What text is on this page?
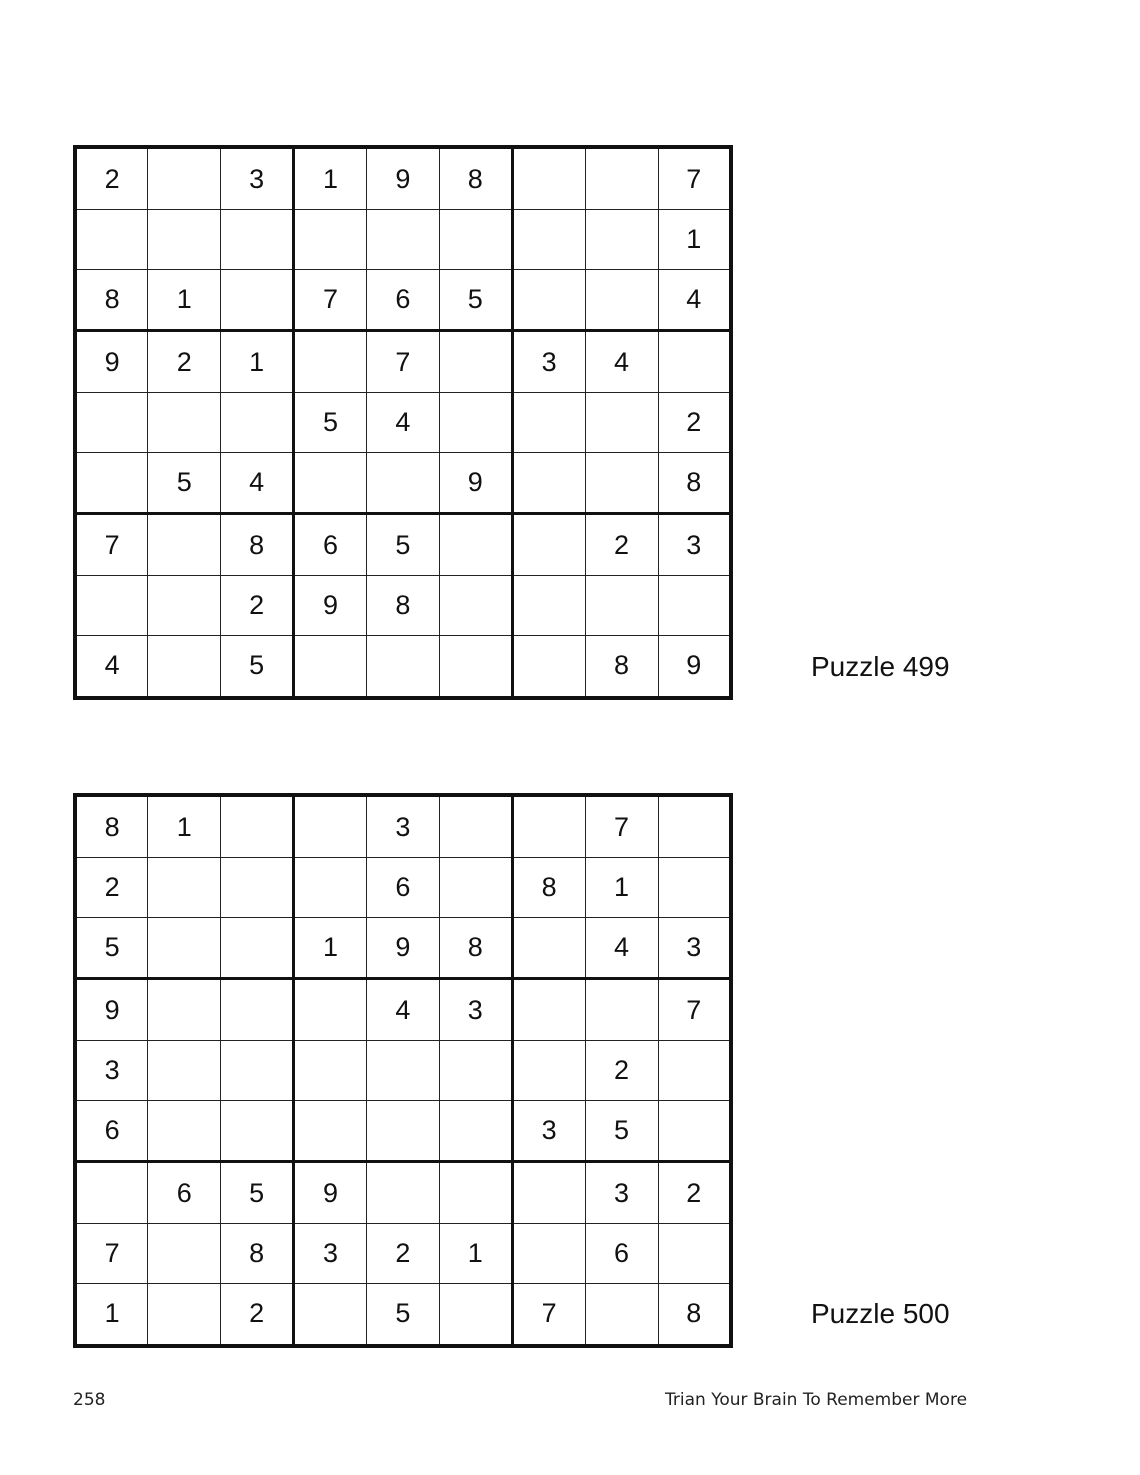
2		3	1	9	8			7
								1
8	1		7	6	5			4
9	2	1		7		3	4	
			5	4				2
	5	4			9			8
7		8	6	5			2	3
		2	9	8				
4		5					8	9	Puzzle 499
8	1			3			7	
2				6		8	1	
5			1	9	8		4	3
9				4	3			7
3							2	
6						3	5	
	6	5	9				3	2
7		8	3	2	1		6	
1		2		5		7		8	Puzzle 500
258	Trian Your Brain To Remember More
